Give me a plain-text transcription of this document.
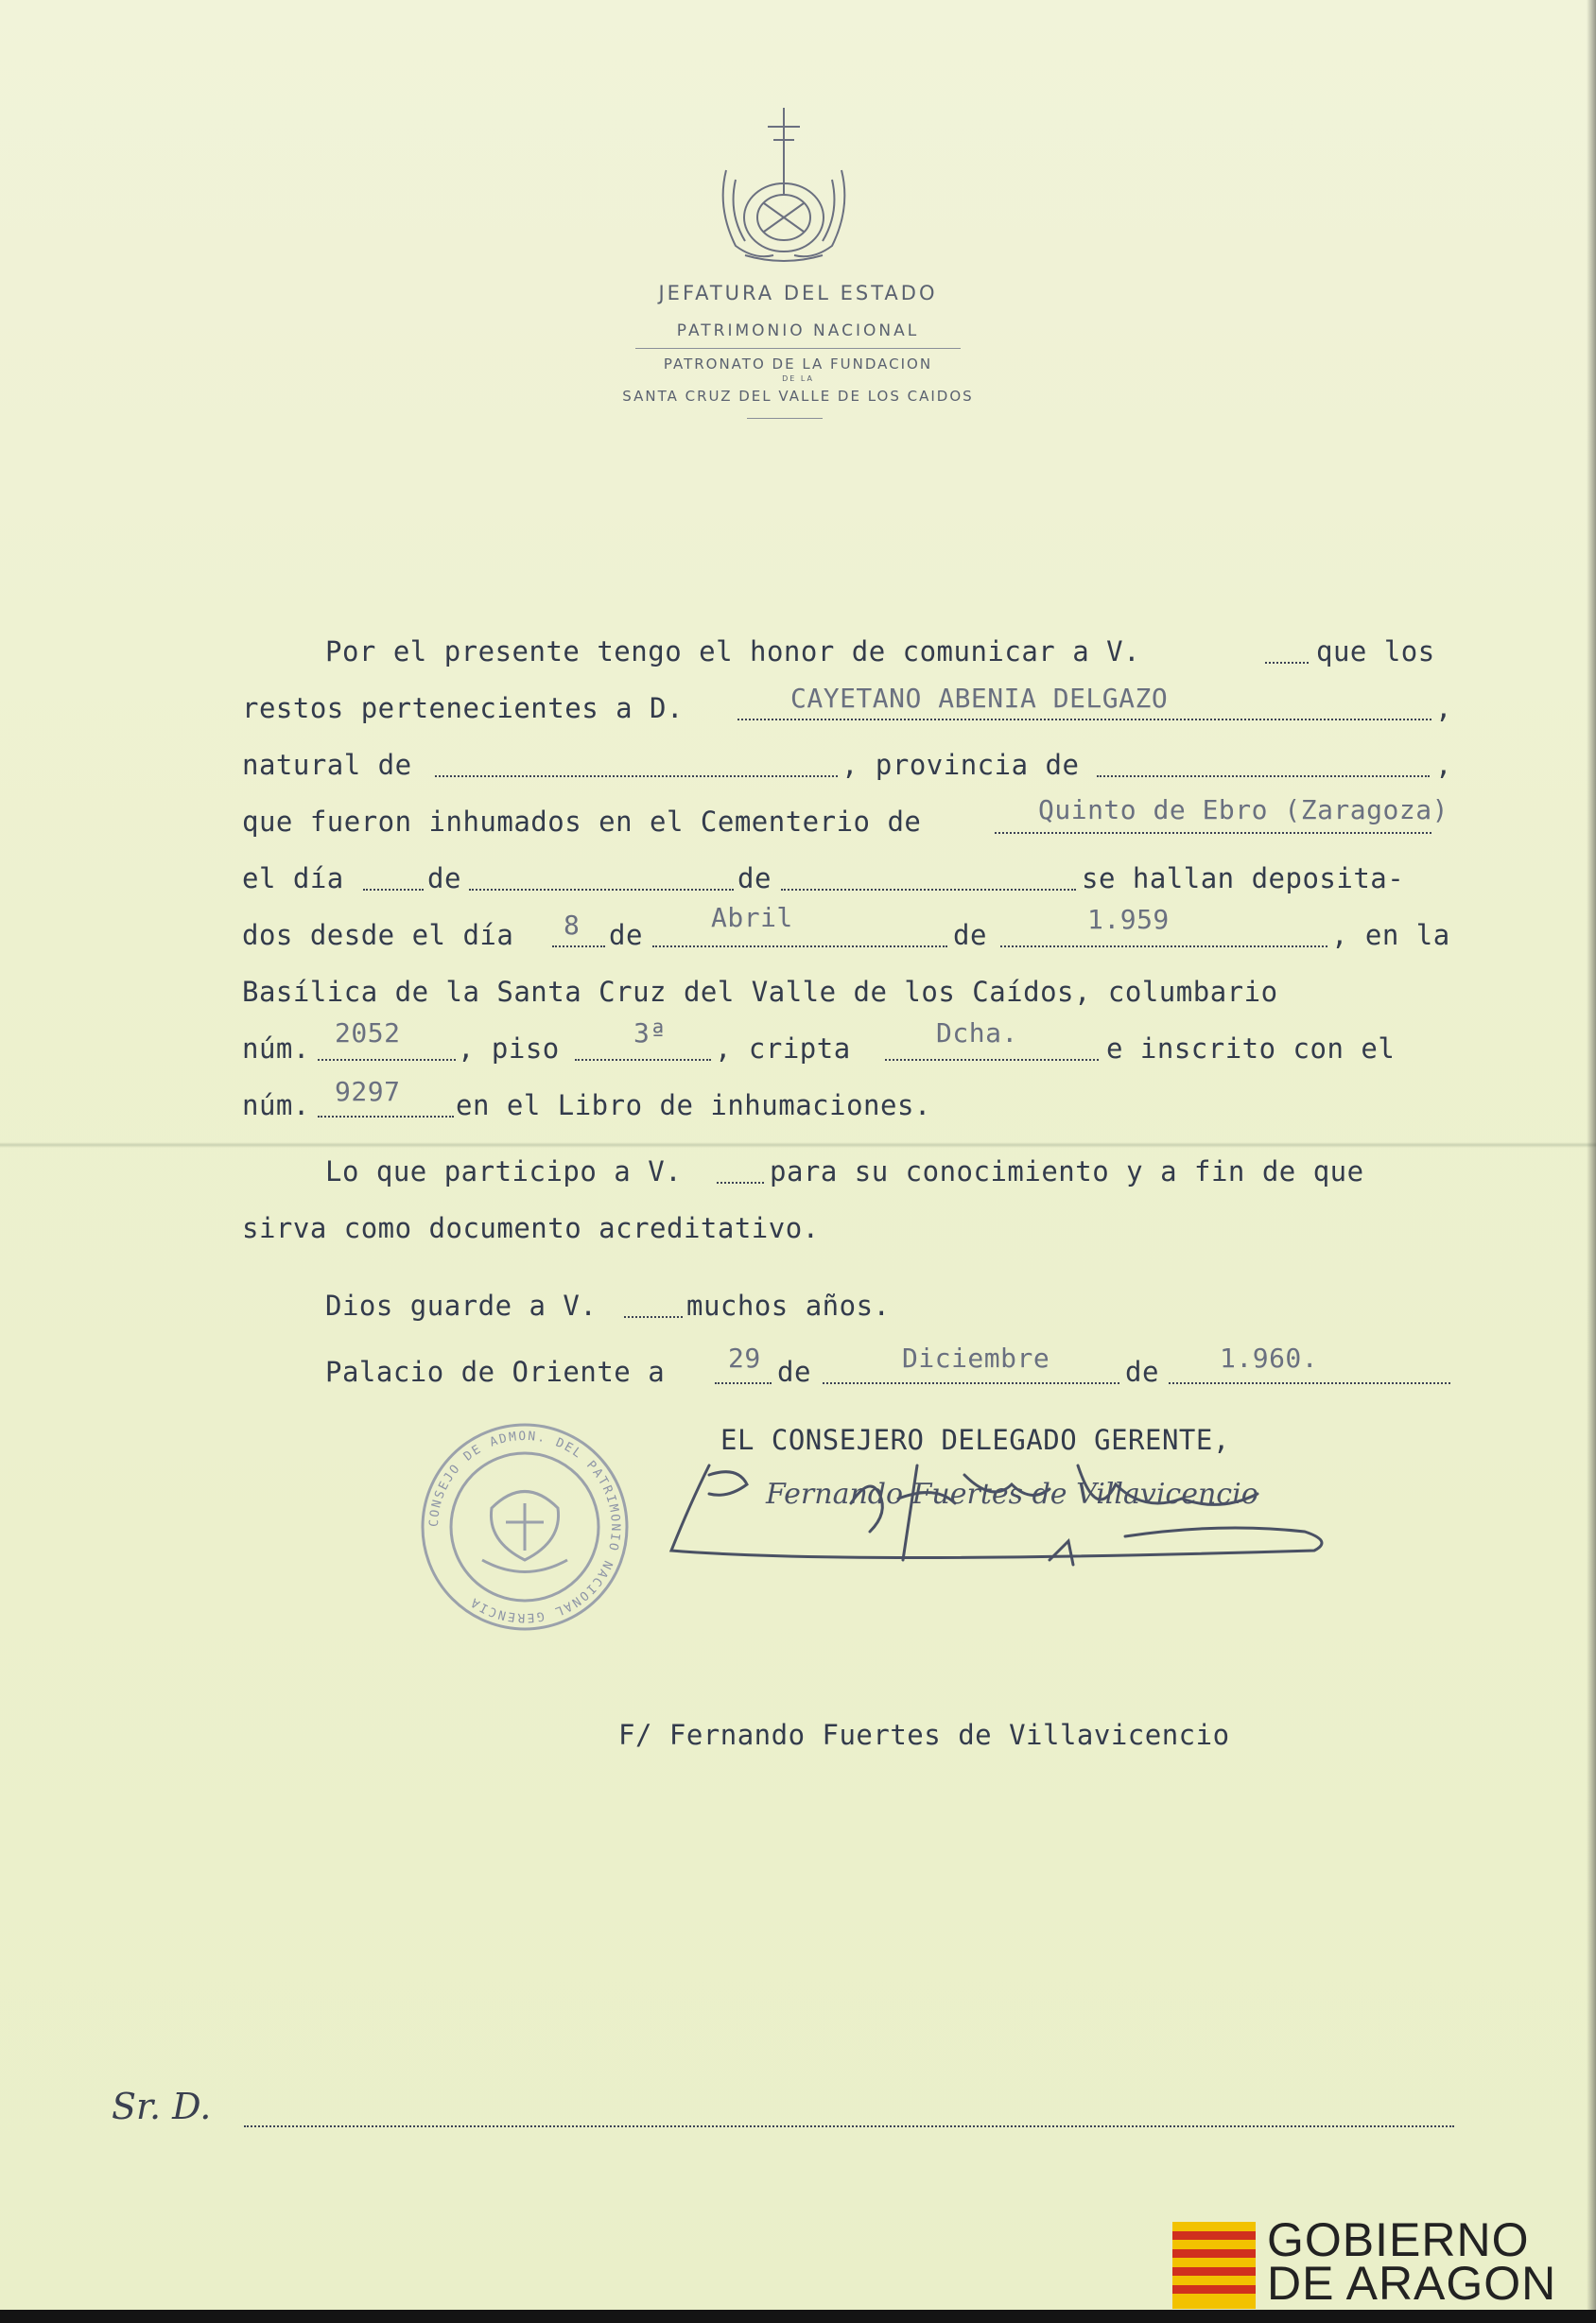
JEFATURA DEL ESTADO
PATRIMONIO NACIONAL
PATRONATO DE LA FUNDACION
DE LA
SANTA CRUZ DEL VALLE DE LOS CAIDOS
Por el presente tengo el honor de comunicar a V.	que los
restos pertenecientes a D.	CAYETANO ABENIA DELGAZO	,
natural de	, provincia de	,
que fueron inhumados en el Cementerio de	Quinto de Ebro (Zaragoza)
el día	de	de	se hallan deposita-
dos desde el día 8 de
Abril
de	1.959	, en la
Basílica de la Santa Cruz del Valle de los Caídos, columbario
núm. 2052 , piso	3ª , cripta	Dcha.	e inscrito con el
núm. 9297 en el Libro de inhumaciones.
Lo que participo a V.	para su conocimiento y a fin de que
sirva como documento acreditativo.
Dios guarde a V.	muchos años.
Palacio de Oriente a 29 de	Diciembre	de 1.960.
EL CONSEJERO DELEGADO GERENTE,
CONSEJO DE ADMON. DEL PATRIMONIO NACIONAL GERENCIA
Fernando Fuertes de Villavicencio
F/ Fernando Fuertes de Villavicencio
Sr. D.
GOBIERNO
DE ARAGON
